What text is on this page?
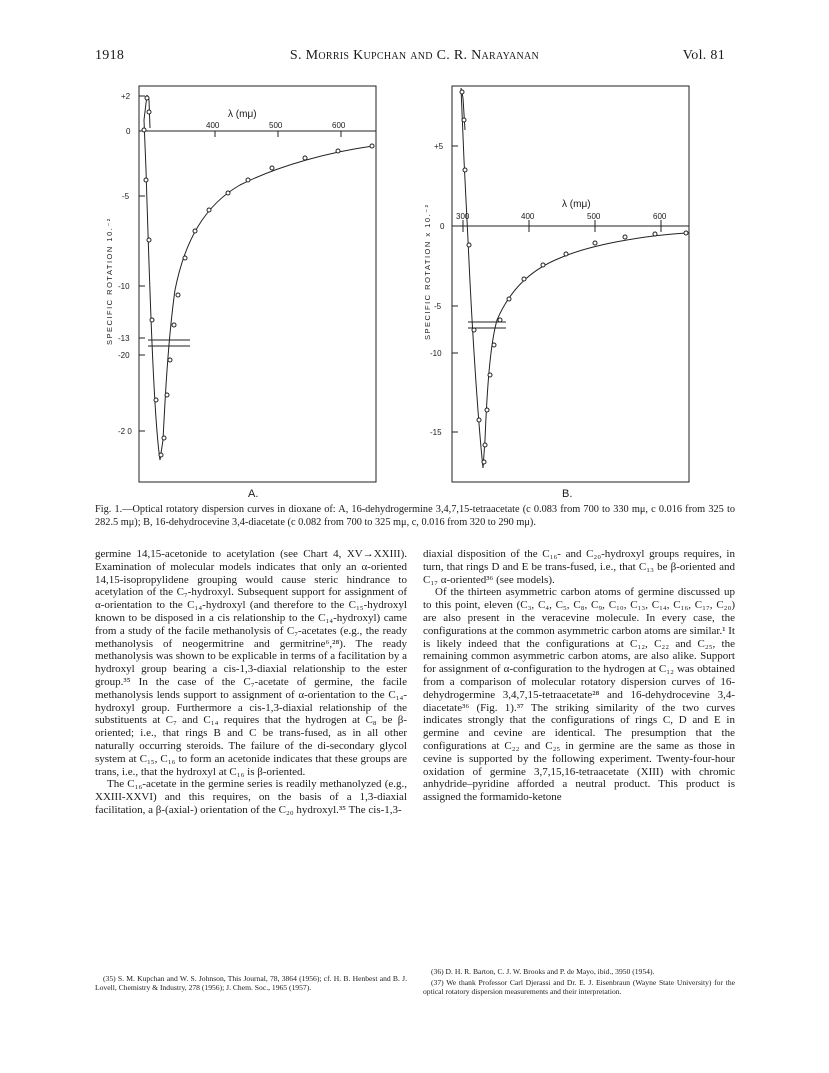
1918	S. Morris Kupchan and C. R. Narayanan	Vol. 81
λ (mμ)
400	500	600
+2
0
-5
-10
-13
-20
-2 0
SPECIFIC ROTATION 10.⁻²
λ (mμ)
300	400	500	600
+5
0
-5
-10
-15
SPECIFIC ROTATION x 10.⁻²
A.	B.
Fig. 1.—Optical rotatory dispersion curves in dioxane of: A, 16-dehydrogermine 3,4,7,15-tetraacetate (c 0.083 from 700 to 330 mμ, c 0.016 from 325 to 282.5 mμ); B, 16-dehydrocevine 3,4-diacetate (c 0.082 from 700 to 325 mμ, c, 0.016 from 320 to 290 mμ).

germine 14,15-acetonide to acetylation (see Chart 4, XV→XXIII). Examination of molecular models indicates that only an α-oriented 14,15-isopropylidene grouping would cause steric hindrance to acetylation of the C₇-hydroxyl. Subsequent support for assignment of α-orientation to the C₁₄-hydroxyl (and therefore to the C₁₅-hydroxyl known to be disposed in a cis relationship to the C₁₄-hydroxyl) came from a study of the facile methanolysis of C₇-acetates (e.g., the ready methanolysis of neogermitrine and germitrine⁶,²⁸). The ready methanolysis was shown to be explicable in terms of a facilitation by a hydroxyl group bearing a cis-1,3-diaxial relationship to the ester group.³⁵ In the case of the C₇-acetate of germine, the facile methanolysis lends support to assignment of α-orientation to the C₁₄-hydroxyl group. Furthermore a cis-1,3-diaxial relationship of the substituents at C₇ and C₁₄ requires that the hydrogen at C₈ be β-oriented; i.e., that rings B and C be trans-fused, as in all other naturally occurring steroids. The failure of the di-secondary glycol system at C₁₅, C₁₆ to form an acetonide indicates that these groups are trans, i.e., that the hydroxyl at C₁₆ is β-oriented.

The C₁₆-acetate in the germine series is readily methanolyzed (e.g., XXIII-XXVI) and this requires, on the basis of a 1,3-diaxial facilitation, a β-(axial-) orientation of the C₂₀ hydroxyl.³⁵ The cis-1,3-

diaxial disposition of the C₁₆- and C₂₀-hydroxyl groups requires, in turn, that rings D and E be trans-fused, i.e., that C₁₃ be β-oriented and C₁₇ α-oriented³⁶ (see models).

Of the thirteen asymmetric carbon atoms of germine discussed up to this point, eleven (C₃, C₄, C₅, C₈, C₉, C₁₀, C₁₃, C₁₄, C₁₆, C₁₇, C₂₀) are also present in the veracevine molecule. In every case, the configurations at the common asymmetric carbon atoms are similar.¹ It is likely indeed that the configurations at C₁₂, C₂₂ and C₂₅, the remaining common asymmetric carbon atoms, are also alike. Support for assignment of α-configuration to the hydrogen at C₁₂ was obtained from a comparison of molecular rotatory dispersion curves of 16-dehydrogermine 3,4,7,15-tetraacetate²⁸ and 16-dehydrocevine 3,4-diacetate³⁶ (Fig. 1).³⁷ The striking similarity of the two curves indicates strongly that the configurations of rings C, D and E in germine and cevine are identical. The presumption that the configurations at C₂₂ and C₂₅ in germine are the same as those in cevine is supported by the following experiment. Twenty-four-hour oxidation of germine 3,7,15,16-tetraacetate (XIII) with chromic anhydride–pyridine afforded a neutral product. This product is assigned the formamido-ketone

(35) S. M. Kupchan and W. S. Johnson, This Journal, 78, 3864 (1956); cf. H. B. Henbest and B. J. Lovell, Chemistry & Industry, 278 (1956); J. Chem. Soc., 1965 (1957).

(36) D. H. R. Barton, C. J. W. Brooks and P. de Mayo, ibid., 3950 (1954).

(37) We thank Professor Carl Djerassi and Dr. E. J. Eisenbraun (Wayne State University) for the optical rotatory dispersion measurements and their interpretation.
